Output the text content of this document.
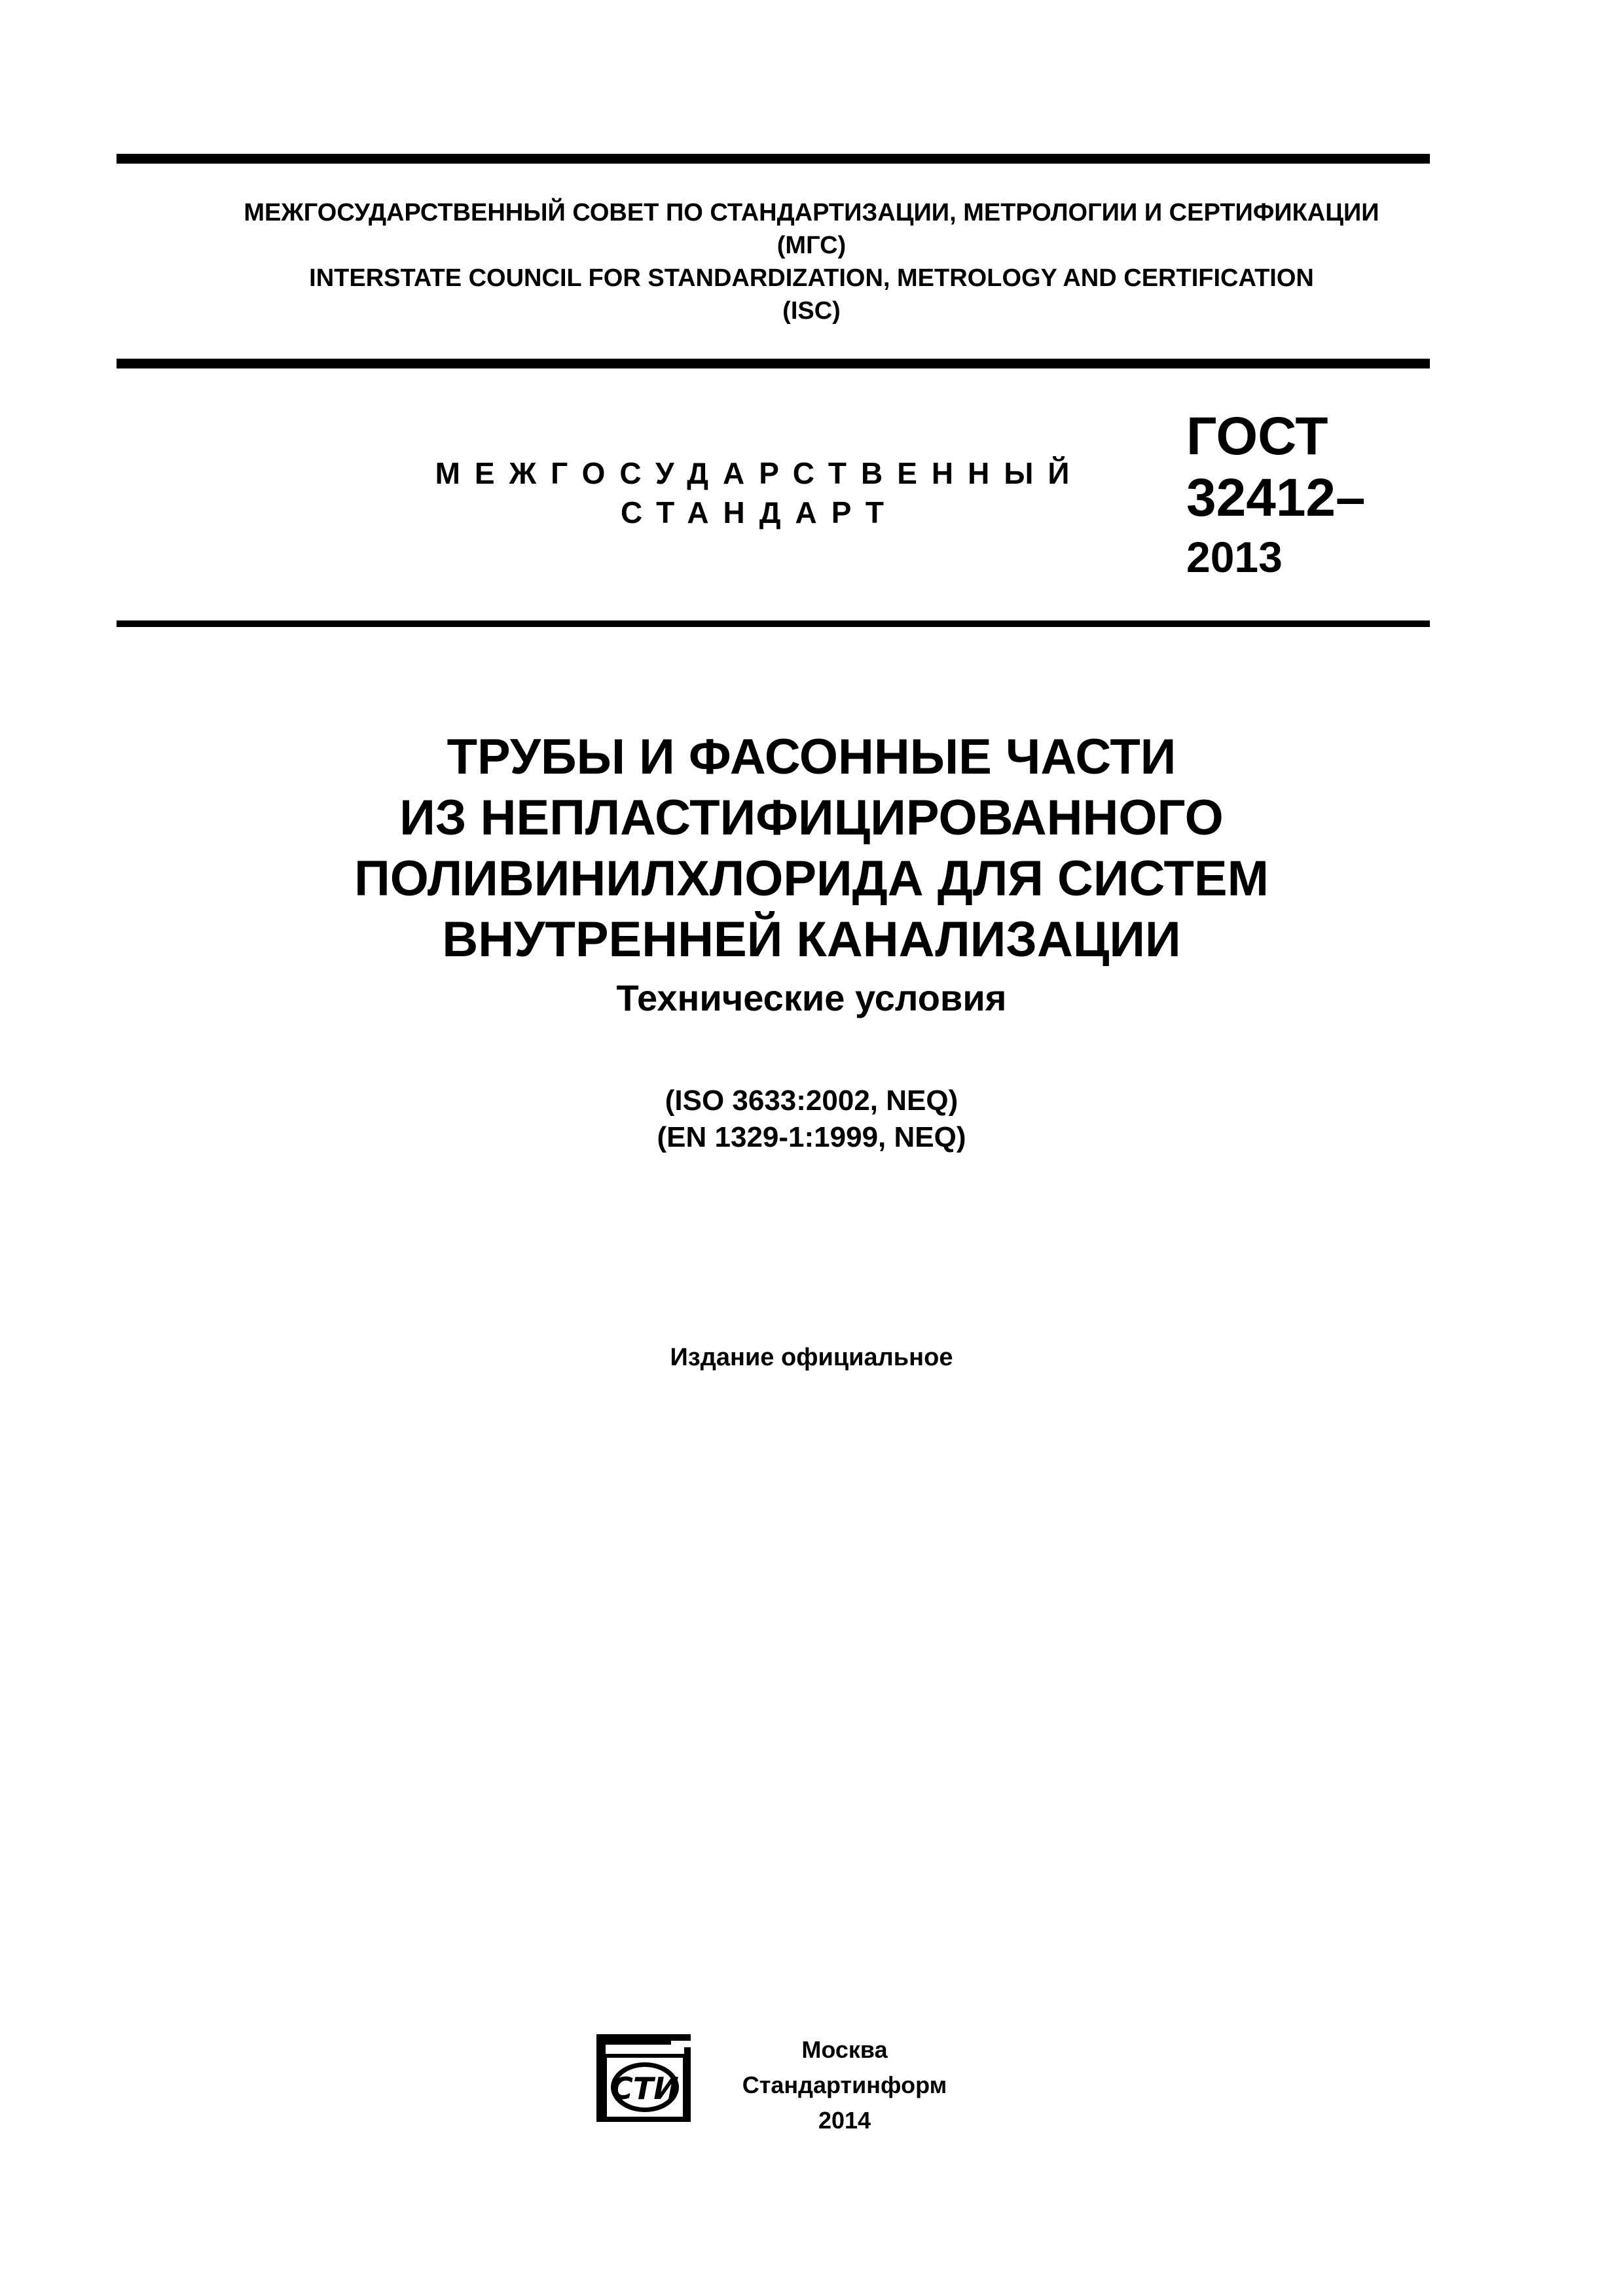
МЕЖГОСУДАРСТВЕННЫЙ СОВЕТ ПО СТАНДАРТИЗАЦИИ, МЕТРОЛОГИИ И СЕРТИФИКАЦИИ
(МГС)
INTERSTATE COUNCIL FOR STANDARDIZATION, METROLOGY AND CERTIFICATION
(ISC)
МЕЖГОСУДАРСТВЕННЫЙ
СТАНДАРТ
ГОСТ
32412–
2013
ТРУБЫ И ФАСОННЫЕ ЧАСТИ
ИЗ НЕПЛАСТИФИЦИРОВАННОГО
ПОЛИВИНИЛХЛОРИДА ДЛЯ СИСТЕМ
ВНУТРЕННЕЙ КАНАЛИЗАЦИИ
Технические условия
(ISO 3633:2002, NEQ)
(EN 1329-1:1999, NEQ)
Издание официальное
СТИ
Москва
Стандартинформ
2014
